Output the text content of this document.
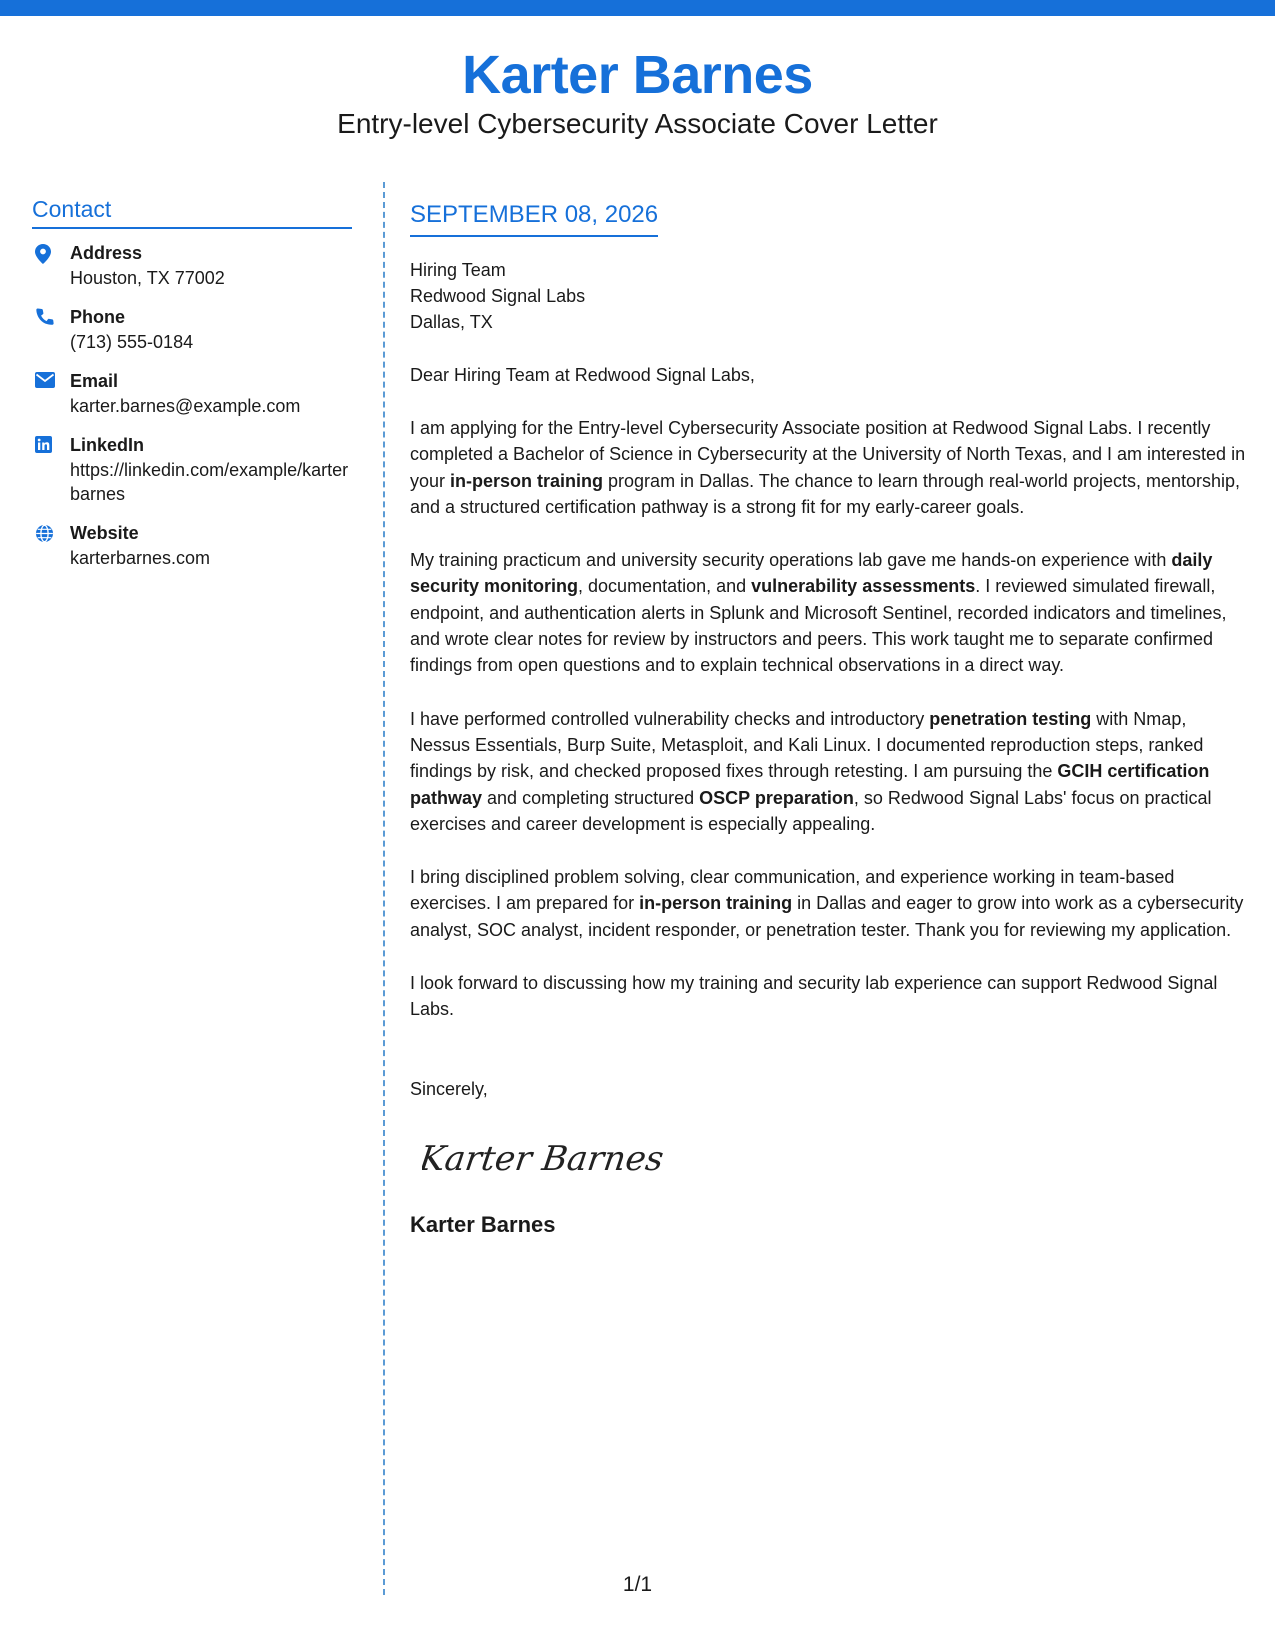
Karter Barnes
Entry-level Cybersecurity Associate Cover Letter
Contact
Address
Houston, TX 77002
Phone
(713) 555-0184
Email
karter.barnes@example.com
LinkedIn
https://linkedin.com/example/karterbarnes
Website
karterbarnes.com
SEPTEMBER 08, 2026
Hiring Team
Redwood Signal Labs
Dallas, TX
Dear Hiring Team at Redwood Signal Labs,

I am applying for the Entry-level Cybersecurity Associate position at Redwood Signal Labs. I recently completed a Bachelor of Science in Cybersecurity at the University of North Texas, and I am interested in your in-person training program in Dallas. The chance to learn through real-world projects, mentorship, and a structured certification pathway is a strong fit for my early-career goals.

My training practicum and university security operations lab gave me hands-on experience with daily security monitoring, documentation, and vulnerability assessments. I reviewed simulated firewall, endpoint, and authentication alerts in Splunk and Microsoft Sentinel, recorded indicators and timelines, and wrote clear notes for review by instructors and peers. This work taught me to separate confirmed findings from open questions and to explain technical observations in a direct way.

I have performed controlled vulnerability checks and introductory penetration testing with Nmap, Nessus Essentials, Burp Suite, Metasploit, and Kali Linux. I documented reproduction steps, ranked findings by risk, and checked proposed fixes through retesting. I am pursuing the GCIH certification pathway and completing structured OSCP preparation, so Redwood Signal Labs' focus on practical exercises and career development is especially appealing.

I bring disciplined problem solving, clear communication, and experience working in team-based exercises. I am prepared for in-person training in Dallas and eager to grow into work as a cybersecurity analyst, SOC analyst, incident responder, or penetration tester. Thank you for reviewing my application.

I look forward to discussing how my training and security lab experience can support Redwood Signal Labs.

Sincerely,
Karter Barnes
Karter Barnes
1/1
